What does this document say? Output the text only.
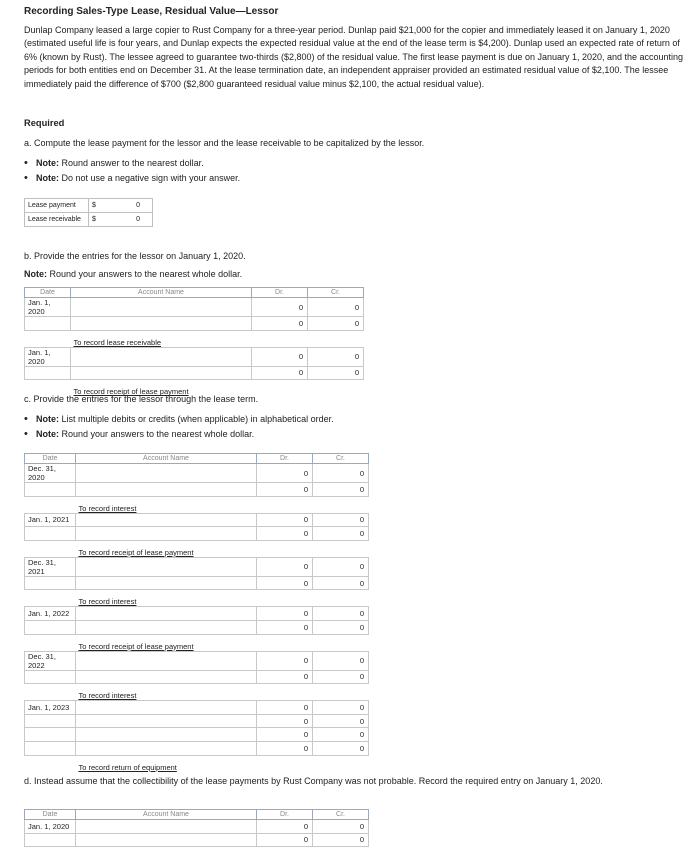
Recording Sales-Type Lease, Residual Value—Lessor
Dunlap Company leased a large copier to Rust Company for a three-year period. Dunlap paid $21,000 for the copier and immediately leased it on January 1, 2020 (estimated useful life is four years, and Dunlap expects the expected residual value at the end of the lease term is $4,200). Dunlap used an expected rate of return of 6% (known by Rust). The lessee agreed to guarantee two-thirds ($2,800) of the residual value. The first lease payment is due on January 1, 2020, and the accounting periods for both entities end on December 31. At the lease termination date, an independent appraiser provided an estimated residual value of $2,100. The lessee immediately paid the difference of $700 ($2,800 guaranteed residual value minus $2,100, the actual residual value).
Required
a. Compute the lease payment for the lessor and the lease receivable to be capitalized by the lessor.
• Note: Round answer to the nearest dollar.
• Note: Do not use a negative sign with your answer.
Lease payment	$	0
Lease receivable	$	0
b. Provide the entries for the lessor on January 1, 2020.
Note: Round your answers to the nearest whole dollar.
Date	Account Name	Dr.	Cr.
Jan. 1, 2020		0	0
		0	0
	To record lease receivable		
Jan. 1, 2020		0	0
		0	0
	To record receipt of lease payment		
c. Provide the entries for the lessor through the lease term.
• Note: List multiple debits or credits (when applicable) in alphabetical order.
• Note: Round your answers to the nearest whole dollar.
Date	Account Name	Dr.	Cr.
Dec. 31, 2020		0	0
		0	0
	To record interest		
Jan. 1, 2021		0	0
		0	0
	To record receipt of lease payment		
Dec. 31, 2021		0	0
		0	0
	To record interest		
Jan. 1, 2022		0	0
		0	0
	To record receipt of lease payment		
Dec. 31, 2022		0	0
		0	0
	To record interest		
Jan. 1, 2023		0	0
		0	0
		0	0
		0	0
	To record return of equipment		
d. Instead assume that the collectibility of the lease payments by Rust Company was not probable. Record the required entry on January 1, 2020.
Date	Account Name	Dr.	Cr.
Jan. 1, 2020		0	0
		0	0
